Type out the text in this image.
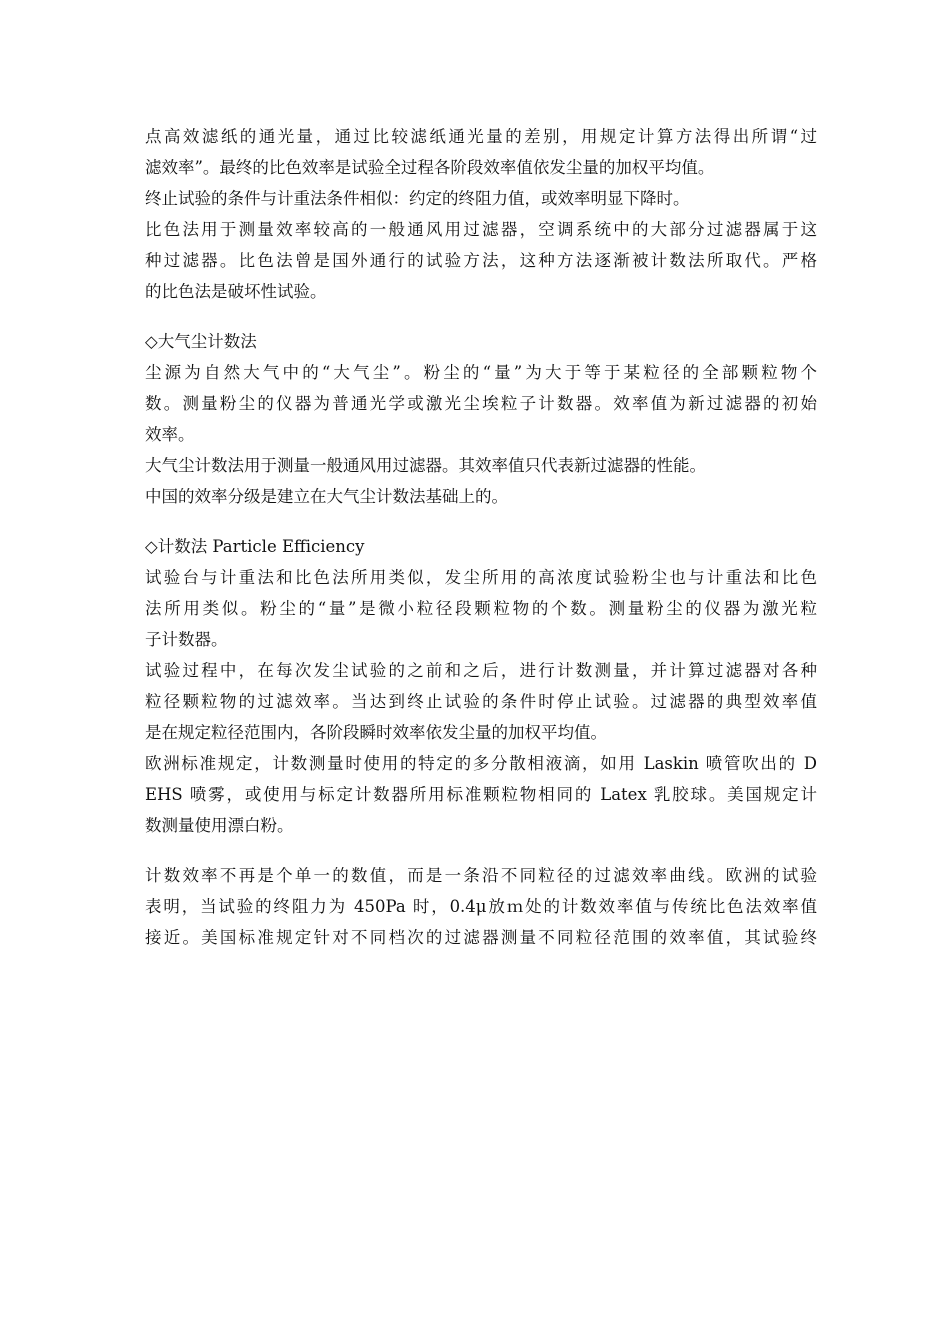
点高效滤纸的通光量，通过比较滤纸通光量的差别，用规定计算方法得出所谓“过
滤效率”。最终的比色效率是试验全过程各阶段效率值依发尘量的加权平均值。
终止试验的条件与计重法条件相似：约定的终阻力值，或效率明显下降时。
比色法用于测量效率较高的一般通风用过滤器，空调系统中的大部分过滤器属于这
种过滤器。比色法曾是国外通行的试验方法，这种方法逐渐被计数法所取代。严格
的比色法是破坏性试验。
◇大气尘计数法
尘源为自然大气中的“大气尘”。粉尘的“量”为大于等于某粒径的全部颗粒物个
数。测量粉尘的仪器为普通光学或激光尘埃粒子计数器。效率值为新过滤器的初始
效率。
大气尘计数法用于测量一般通风用过滤器。其效率值只代表新过滤器的性能。
中国的效率分级是建立在大气尘计数法基础上的。
◇计数法 Particle Efficiency
试验台与计重法和比色法所用类似，发尘所用的高浓度试验粉尘也与计重法和比色
法所用类似。粉尘的“量”是微小粒径段颗粒物的个数。测量粉尘的仪器为激光粒
子计数器。
试验过程中，在每次发尘试验的之前和之后，进行计数测量，并计算过滤器对各种
粒径颗粒物的过滤效率。当达到终止试验的条件时停止试验。过滤器的典型效率值
是在规定粒径范围内，各阶段瞬时效率依发尘量的加权平均值。
欧洲标准规定，计数测量时使用的特定的多分散相液滴，如用 Laskin 喷管吹出的 D
EHS 喷雾，或使用与标定计数器所用标准颗粒物相同的 Latex 乳胶球。美国规定计
数测量使用漂白粉。
计数效率不再是个单一的数值，而是一条沿不同粒径的过滤效率曲线。欧洲的试验
表明，当试验的终阻力为 450Pa 时，0.4μ放ｍ处的计数效率值与传统比色法效率值
接近。美国标准规定针对不同档次的过滤器测量不同粒径范围的效率值，其试验终
